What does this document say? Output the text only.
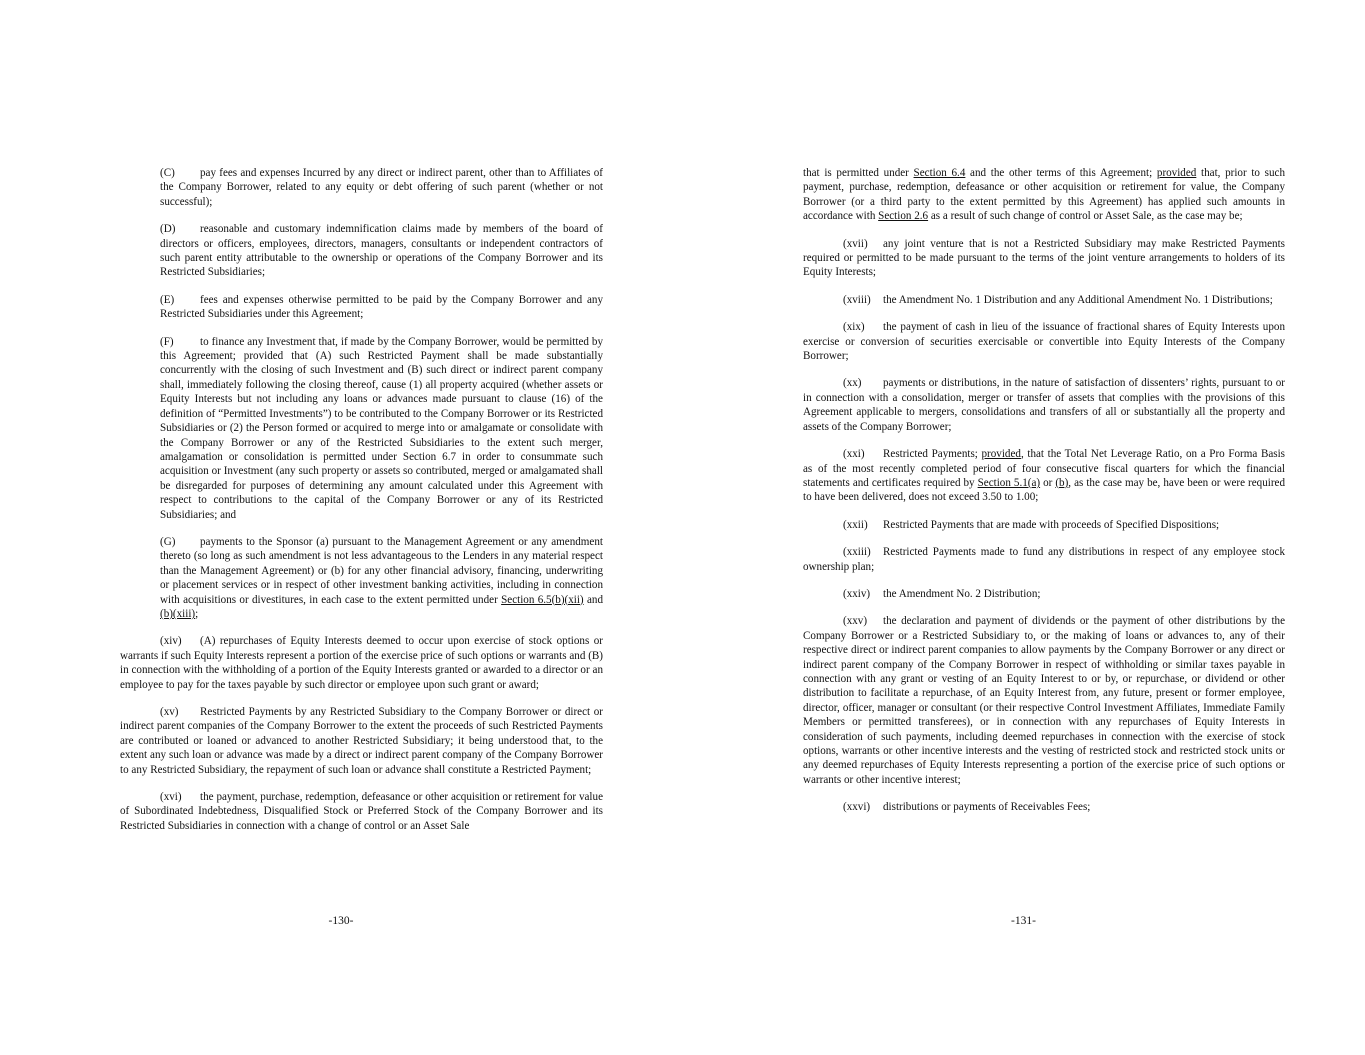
(C) pay fees and expenses Incurred by any direct or indirect parent, other than to Affiliates of the Company Borrower, related to any equity or debt offering of such parent (whether or not successful);

(D) reasonable and customary indemnification claims made by members of the board of directors or officers, employees, directors, managers, consultants or independent contractors of such parent entity attributable to the ownership or operations of the Company Borrower and its Restricted Subsidiaries;

(E) fees and expenses otherwise permitted to be paid by the Company Borrower and any Restricted Subsidiaries under this Agreement;

(F) to finance any Investment that, if made by the Company Borrower, would be permitted by this Agreement; provided that (A) such Restricted Payment shall be made substantially concurrently with the closing of such Investment and (B) such direct or indirect parent company shall, immediately following the closing thereof, cause (1) all property acquired (whether assets or Equity Interests but not including any loans or advances made pursuant to clause (16) of the definition of “Permitted Investments”) to be contributed to the Company Borrower or its Restricted Subsidiaries or (2) the Person formed or acquired to merge into or amalgamate or consolidate with the Company Borrower or any of the Restricted Subsidiaries to the extent such merger, amalgamation or consolidation is permitted under Section 6.7 in order to consummate such acquisition or Investment (any such property or assets so contributed, merged or amalgamated shall be disregarded for purposes of determining any amount calculated under this Agreement with respect to contributions to the capital of the Company Borrower or any of its Restricted Subsidiaries; and

(G) payments to the Sponsor (a) pursuant to the Management Agreement or any amendment thereto (so long as such amendment is not less advantageous to the Lenders in any material respect than the Management Agreement) or (b) for any other financial advisory, financing, underwriting or placement services or in respect of other investment banking activities, including in connection with acquisitions or divestitures, in each case to the extent permitted under Section 6.5(b)(xii) and (b)(xiii);

(xiv) (A) repurchases of Equity Interests deemed to occur upon exercise of stock options or warrants if such Equity Interests represent a portion of the exercise price of such options or warrants and (B) in connection with the withholding of a portion of the Equity Interests granted or awarded to a director or an employee to pay for the taxes payable by such director or employee upon such grant or award;

(xv) Restricted Payments by any Restricted Subsidiary to the Company Borrower or direct or indirect parent companies of the Company Borrower to the extent the proceeds of such Restricted Payments are contributed or loaned or advanced to another Restricted Subsidiary; it being understood that, to the extent any such loan or advance was made by a direct or indirect parent company of the Company Borrower to any Restricted Subsidiary, the repayment of such loan or advance shall constitute a Restricted Payment;

(xvi) the payment, purchase, redemption, defeasance or other acquisition or retirement for value of Subordinated Indebtedness, Disqualified Stock or Preferred Stock of the Company Borrower and its Restricted Subsidiaries in connection with a change of control or an Asset Sale

-130-

that is permitted under Section 6.4 and the other terms of this Agreement; provided that, prior to such payment, purchase, redemption, defeasance or other acquisition or retirement for value, the Company Borrower (or a third party to the extent permitted by this Agreement) has applied such amounts in accordance with Section 2.6 as a result of such change of control or Asset Sale, as the case may be;

(xvii) any joint venture that is not a Restricted Subsidiary may make Restricted Payments required or permitted to be made pursuant to the terms of the joint venture arrangements to holders of its Equity Interests;

(xviii) the Amendment No. 1 Distribution and any Additional Amendment No. 1 Distributions;

(xix) the payment of cash in lieu of the issuance of fractional shares of Equity Interests upon exercise or conversion of securities exercisable or convertible into Equity Interests of the Company Borrower;

(xx) payments or distributions, in the nature of satisfaction of dissenters’ rights, pursuant to or in connection with a consolidation, merger or transfer of assets that complies with the provisions of this Agreement applicable to mergers, consolidations and transfers of all or substantially all the property and assets of the Company Borrower;

(xxi) Restricted Payments; provided, that the Total Net Leverage Ratio, on a Pro Forma Basis as of the most recently completed period of four consecutive fiscal quarters for which the financial statements and certificates required by Section 5.1(a) or (b), as the case may be, have been or were required to have been delivered, does not exceed 3.50 to 1.00;

(xxii) Restricted Payments that are made with proceeds of Specified Dispositions;

(xxiii) Restricted Payments made to fund any distributions in respect of any employee stock ownership plan;

(xxiv) the Amendment No. 2 Distribution;

(xxv) the declaration and payment of dividends or the payment of other distributions by the Company Borrower or a Restricted Subsidiary to, or the making of loans or advances to, any of their respective direct or indirect parent companies to allow payments by the Company Borrower or any direct or indirect parent company of the Company Borrower in respect of withholding or similar taxes payable in connection with any grant or vesting of an Equity Interest to or by, or repurchase, or dividend or other distribution to facilitate a repurchase, of an Equity Interest from, any future, present or former employee, director, officer, manager or consultant (or their respective Control Investment Affiliates, Immediate Family Members or permitted transferees), or in connection with any repurchases of Equity Interests in consideration of such payments, including deemed repurchases in connection with the exercise of stock options, warrants or other incentive interests and the vesting of restricted stock and restricted stock units or any deemed repurchases of Equity Interests representing a portion of the exercise price of such options or warrants or other incentive interest;

(xxvi) distributions or payments of Receivables Fees;

-131-
